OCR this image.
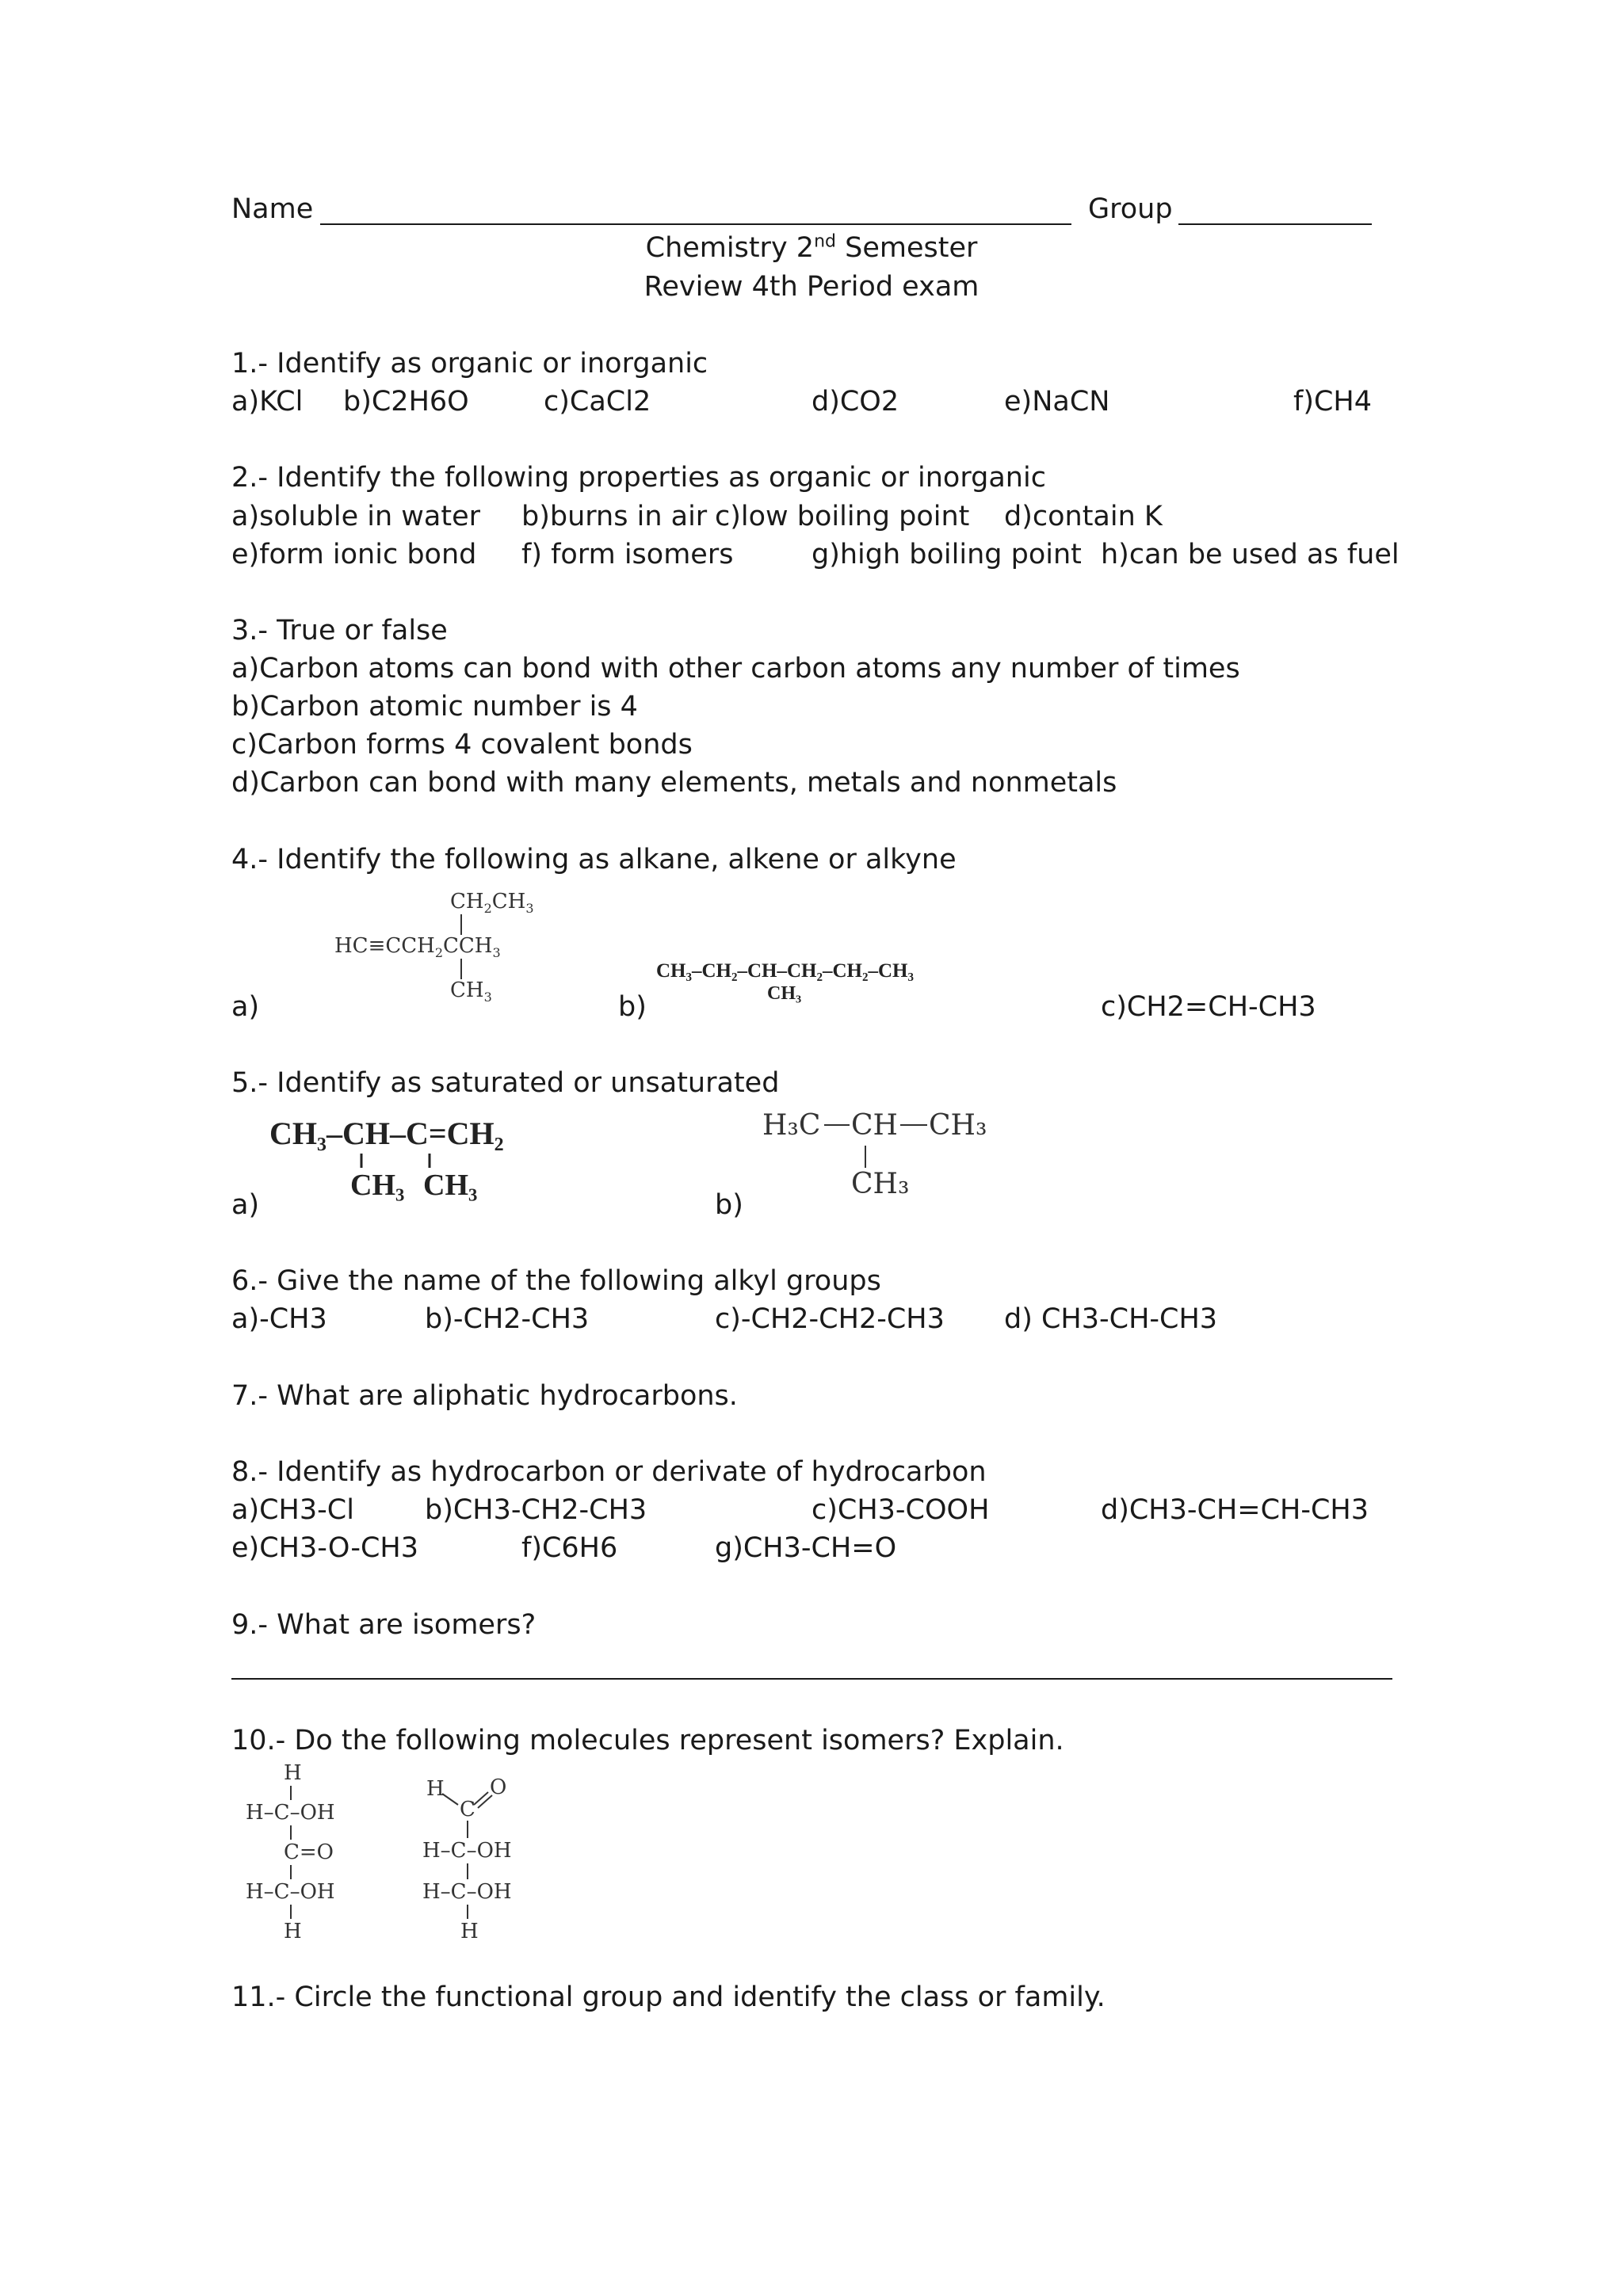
Name	Group
Chemistry 2nd Semester
Review 4th Period exam
1.- Identify as organic or inorganic
a)KCl b)C2H6O	c)CaCl2	d)CO2	e)NaCN	f)CH4
2.- Identify the following properties as organic or inorganic
a)soluble in water b)burns in air c)low boiling point d)contain K
e)form ionic bond f) form isomers	g)high boiling point h)can be used as fuel
3.- True or false
a)Carbon atoms can bond with other carbon atoms any number of times
b)Carbon atomic number is 4
c)Carbon forms 4 covalent bonds
d)Carbon can bond with many elements, metals and nonmetals
4.- Identify the following as alkane, alkene or alkyne
$CH_2CH_3$
$HC\equiv CCH_2CCH_3$
$CH_3$
a)
CH₃–CH₂–CH–CH₂–CH₂–CH₃
CH₃
b)	c)CH2=CH-CH3
5.- Identify as saturated or unsaturated
CH₃–CH–C=CH₂
CH₃ CH₃
a)
H₃C CH CH₃
CH₃
b)
6.- Give the name of the following alkyl groups
a)-CH3	b)-CH2-CH3	c)-CH2-CH2-CH3 d) CH3-CH-CH3
7.- What are aliphatic hydrocarbons.
8.- Identify as hydrocarbon or derivate of hydrocarbon
a)CH3-Cl	b)CH3-CH2-CH3	c)CH3-COOH	d)CH3-CH=CH-CH3
e)CH3-O-CH3	f)C6H6	g)CH3-CH=O
9.- What are isomers?
10.- Do the following molecules represent isomers? Explain.
H
H–C–OH
C=O
H–C–OH
H
H
C
O
H–C–OH
H–C–OH
H
11.- Circle the functional group and identify the class or family.
